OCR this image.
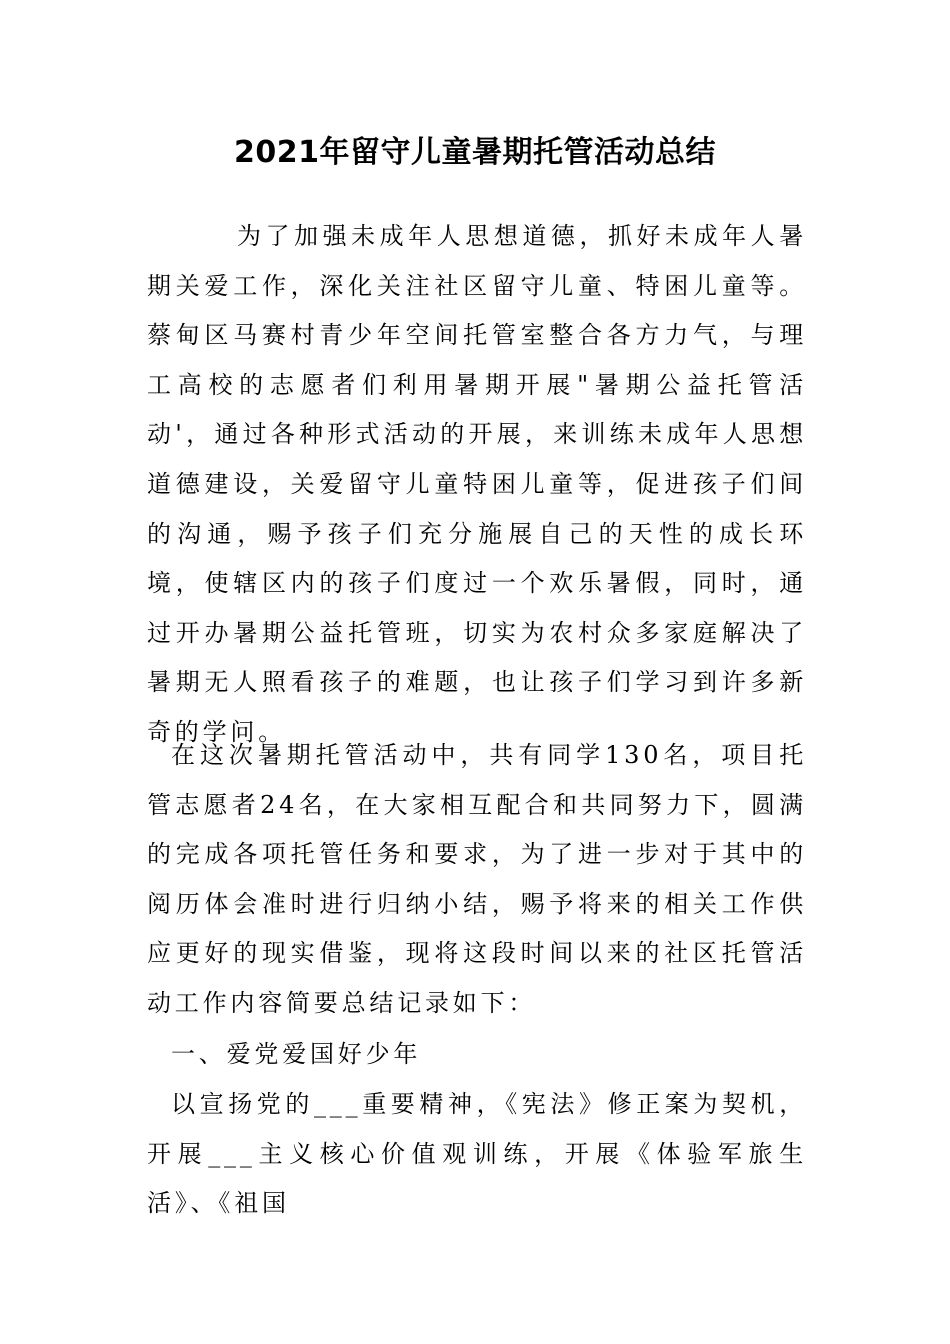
2021年留守儿童暑期托管活动总结

为了加强未成年人思想道德，抓好未成年人暑期关爱工作，深化关注社区留守儿童、特困儿童等。蔡甸区马赛村青少年空间托管室整合各方力气，与理工高校的志愿者们利用暑期开展"暑期公益托管活动'，通过各种形式活动的开展，来训练未成年人思想道德建设，关爱留守儿童特困儿童等，促进孩子们间的沟通，赐予孩子们充分施展自己的天性的成长环境，使辖区内的孩子们度过一个欢乐暑假，同时，通过开办暑期公益托管班，切实为农村众多家庭解决了暑期无人照看孩子的难题，也让孩子们学习到许多新奇的学问。

在这次暑期托管活动中，共有同学130名，项目托管志愿者24名，在大家相互配合和共同努力下，圆满的完成各项托管任务和要求，为了进一步对于其中的阅历体会准时进行归纳小结，赐予将来的相关工作供应更好的现实借鉴，现将这段时间以来的社区托管活动工作内容简要总结记录如下：

一、爱党爱国好少年

以宣扬党的___重要精神，《宪法》修正案为契机，开展___主义核心价值观训练，开展《体验军旅生活》、《祖国
